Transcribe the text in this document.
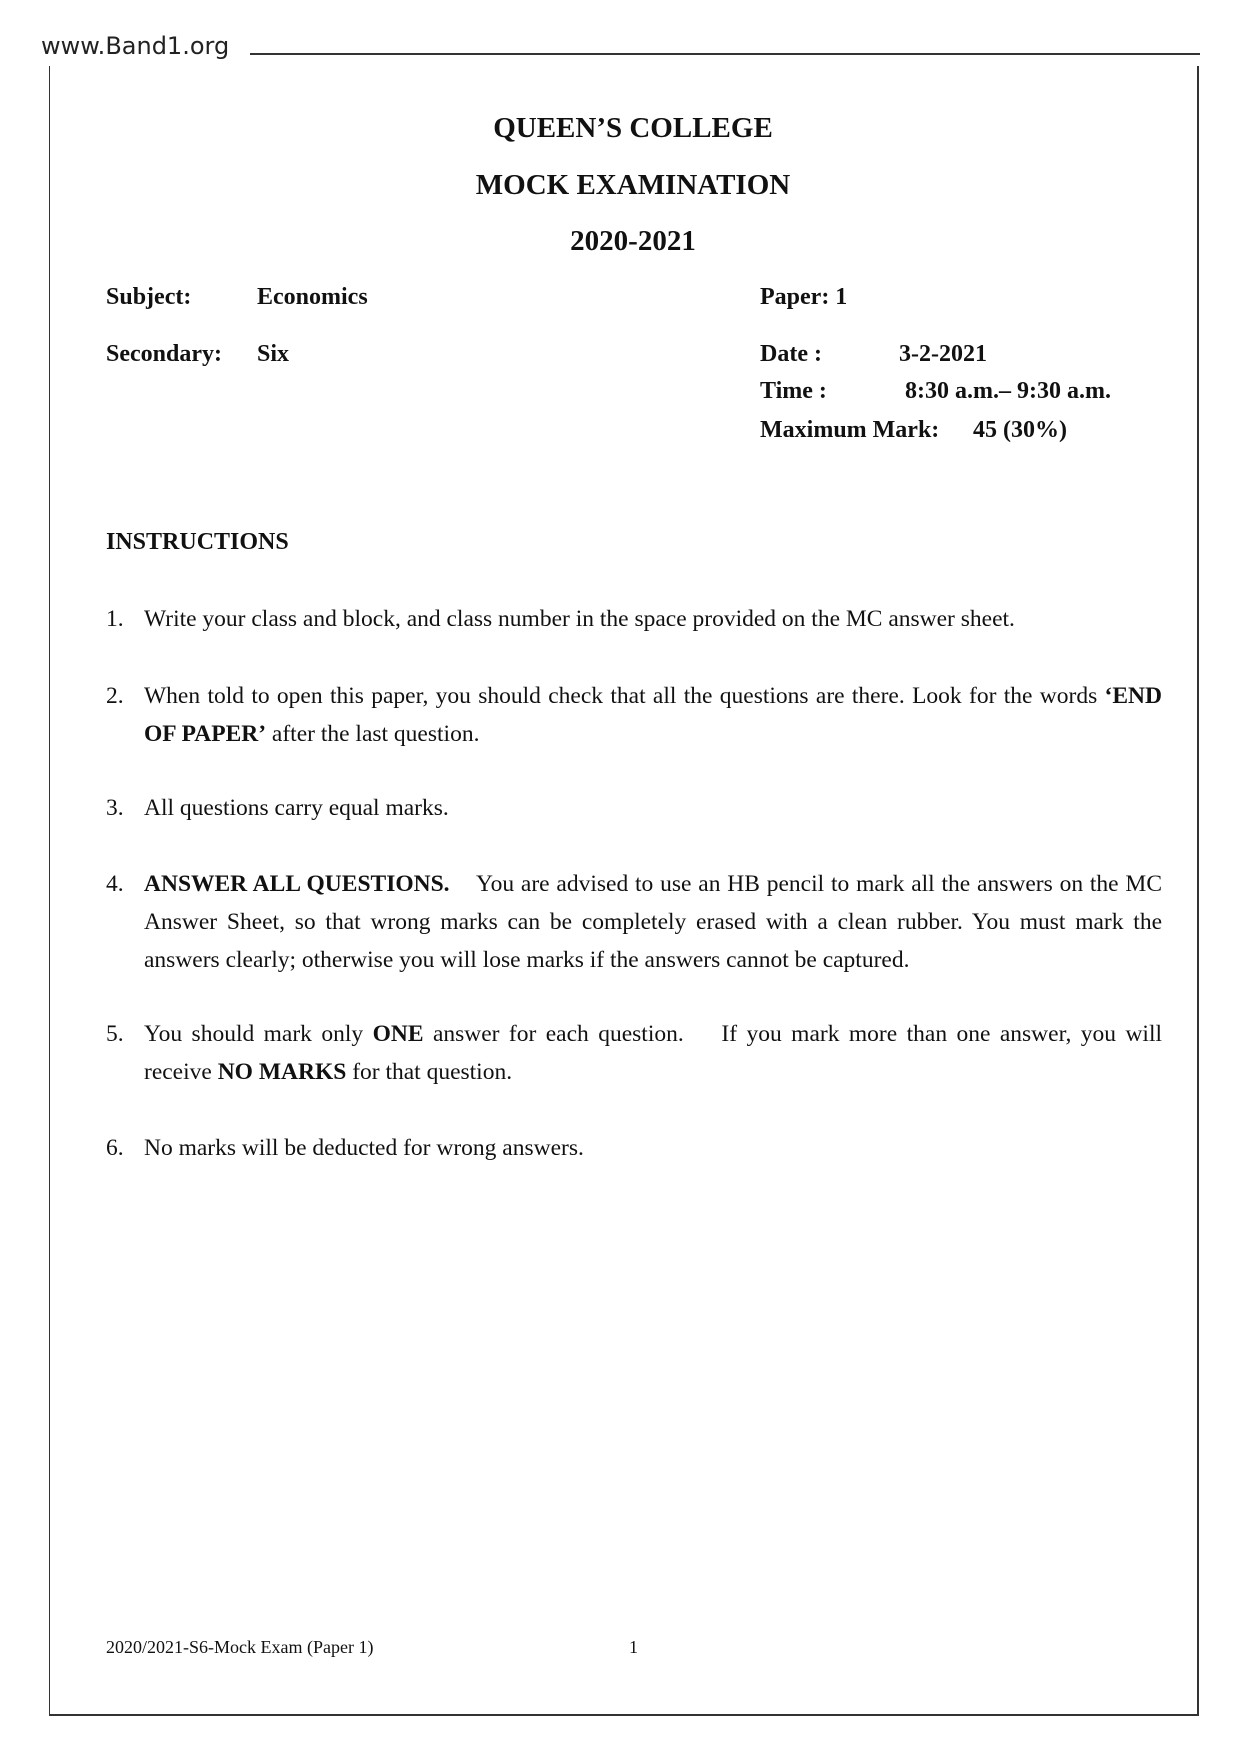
www.Band1.org
QUEEN’S COLLEGE
MOCK EXAMINATION
2020-2021
Subject:	Economics	Paper: 1
Secondary: Six	Date :	3-2-2021
Time :	8:30 a.m.– 9:30 a.m.
Maximum Mark: 45 (30%)
INSTRUCTIONS
1. Write your class and block, and class number in the space provided on the MC answer sheet.
2. When told to open this paper, you should check that all the questions are there. Look for the words ‘END OF PAPER’ after the last question.
3. All questions carry equal marks.
4. ANSWER ALL QUESTIONS.    You are advised to use an HB pencil to mark all the answers on the MC Answer Sheet, so that wrong marks can be completely erased with a clean rubber. You must mark the answers clearly; otherwise you will lose marks if the answers cannot be captured.
5. You should mark only ONE answer for each question.    If you mark more than one answer, you will receive NO MARKS for that question.
6. No marks will be deducted for wrong answers.
2020/2021-S6-Mock Exam (Paper 1)	1
